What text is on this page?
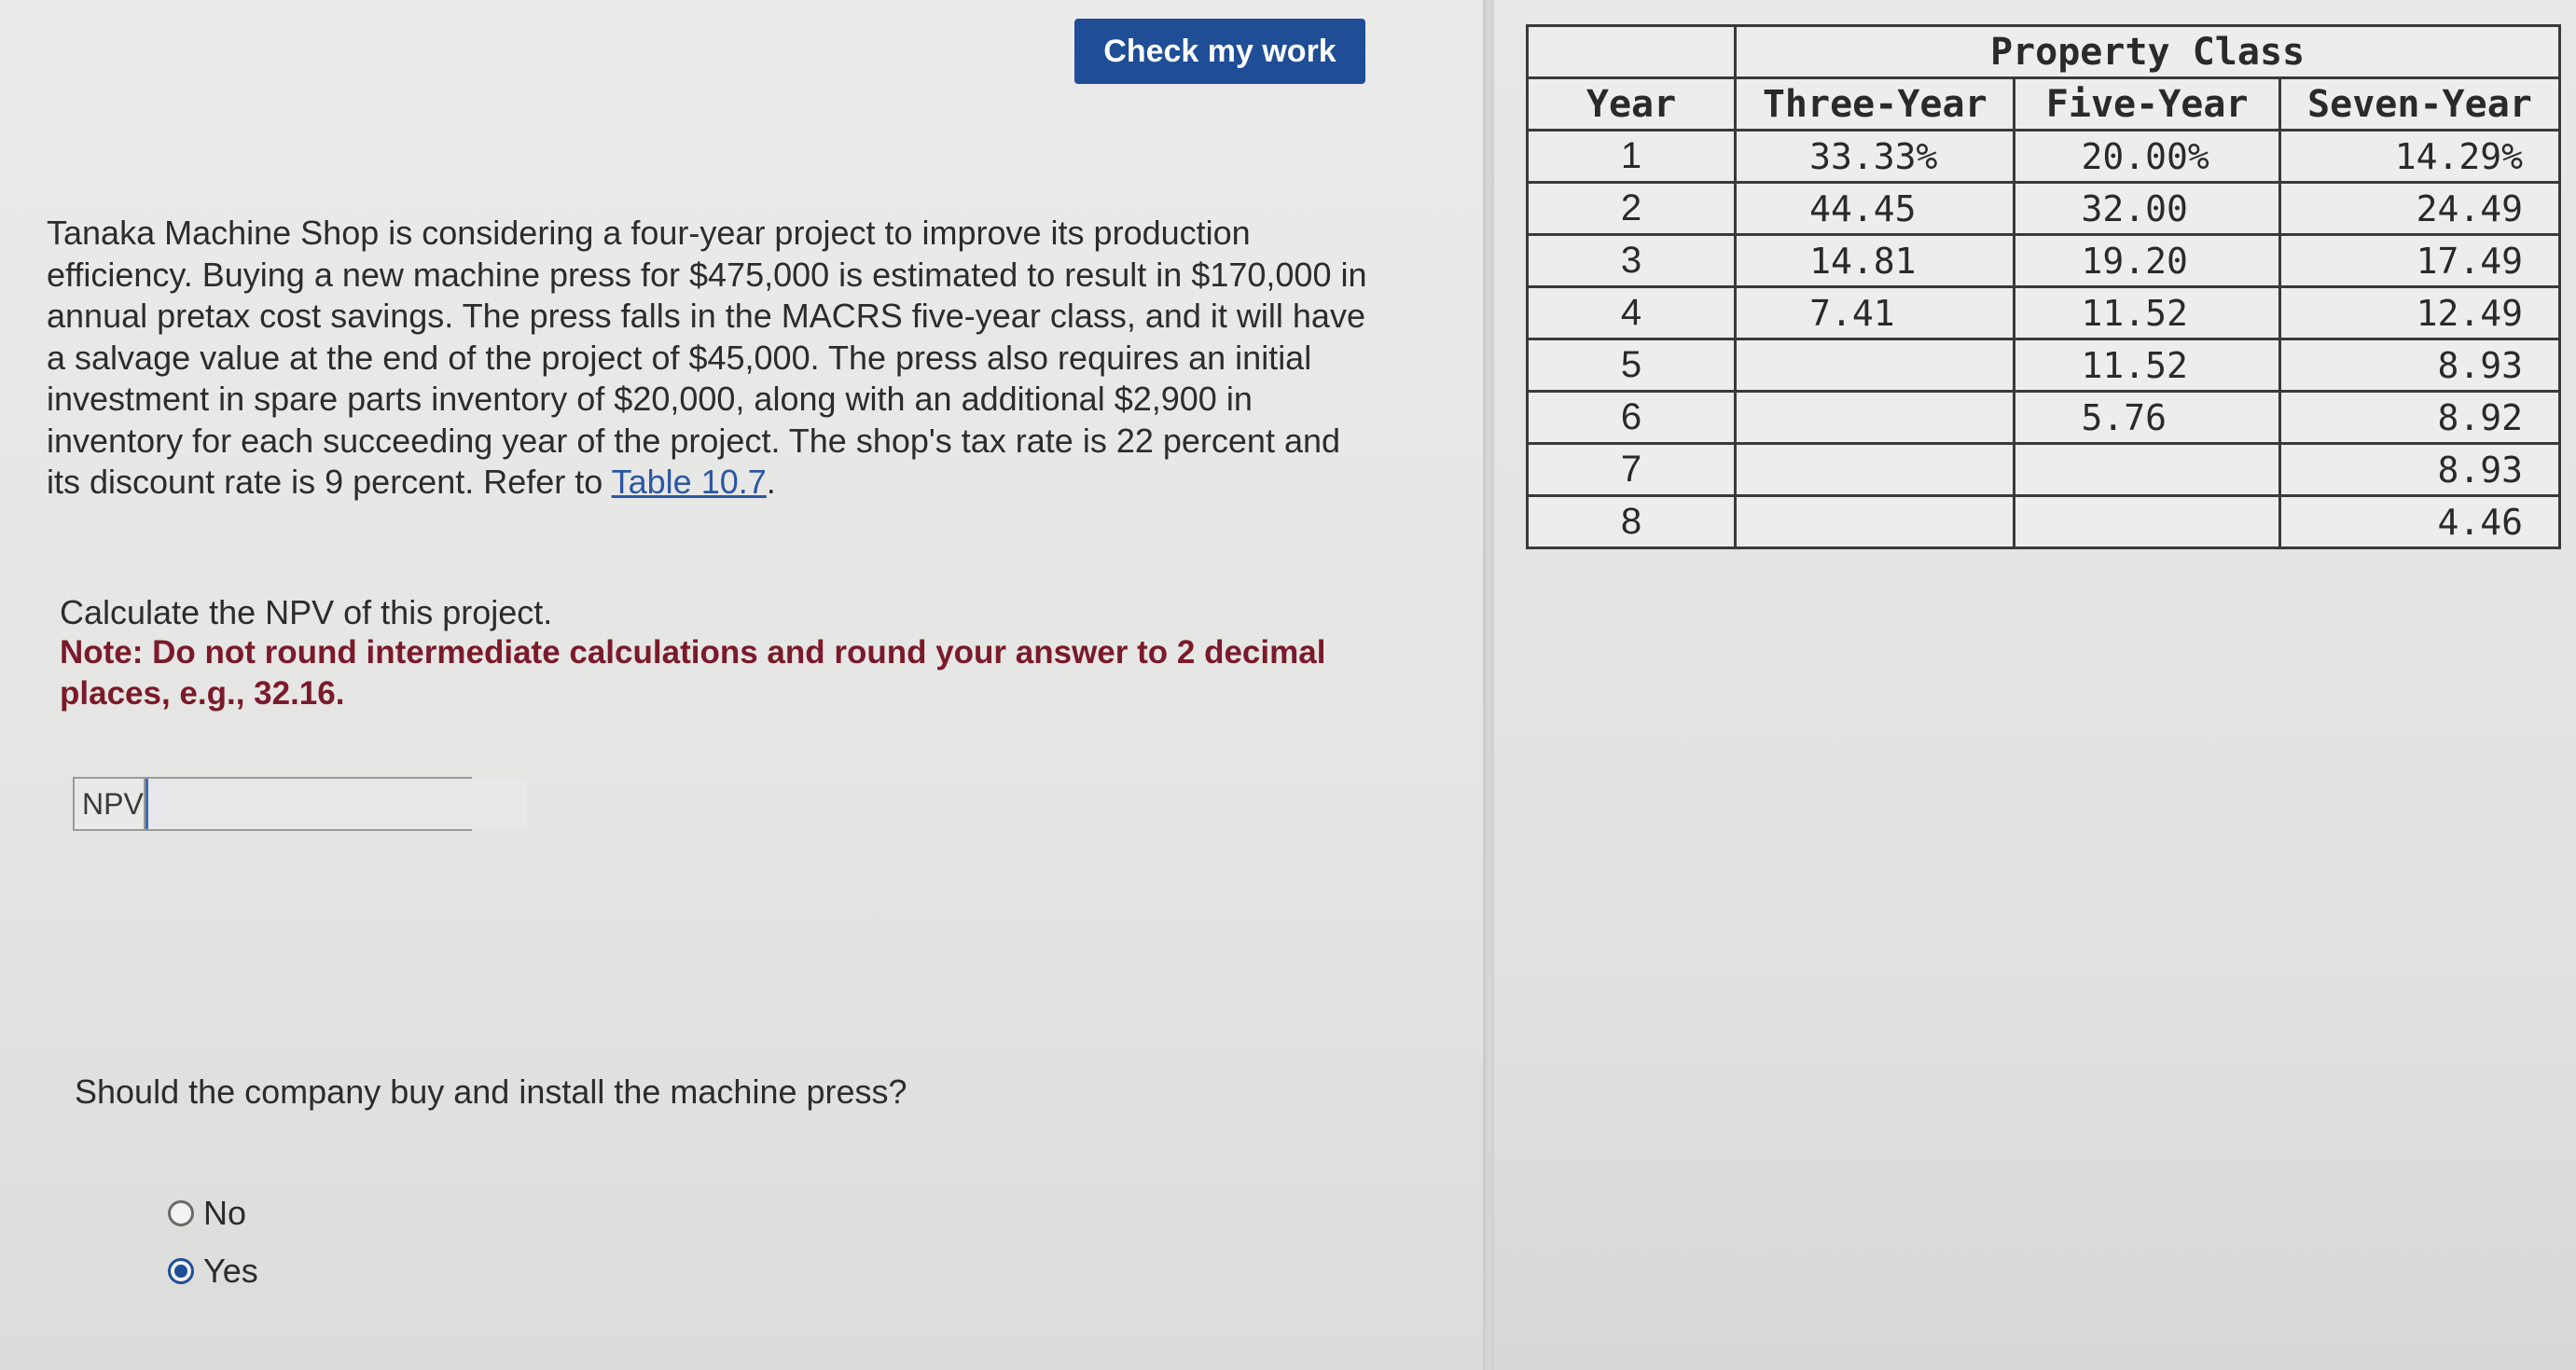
Check my work
Tanaka Machine Shop is considering a four-year project to improve its production efficiency. Buying a new machine press for $475,000 is estimated to result in $170,000 in annual pretax cost savings. The press falls in the MACRS five-year class, and it will have a salvage value at the end of the project of $45,000. The press also requires an initial investment in spare parts inventory of $20,000, along with an additional $2,900 in inventory for each succeeding year of the project. The shop's tax rate is 22 percent and its discount rate is 9 percent. Refer to Table 10.7.
Calculate the NPV of this project.
Note: Do not round intermediate calculations and round your answer to 2 decimal places, e.g., 32.16.
NPV
Should the company buy and install the machine press?
No
Yes
	Property Class		
Year	Three-Year	Five-Year	Seven-Year
1	33.33%	20.00%	14.29%
2	44.45	32.00	24.49
3	14.81	19.20	17.49
4	7.41	11.52	12.49
5		11.52	8.93
6		5.76	8.92
7			8.93
8			4.46
